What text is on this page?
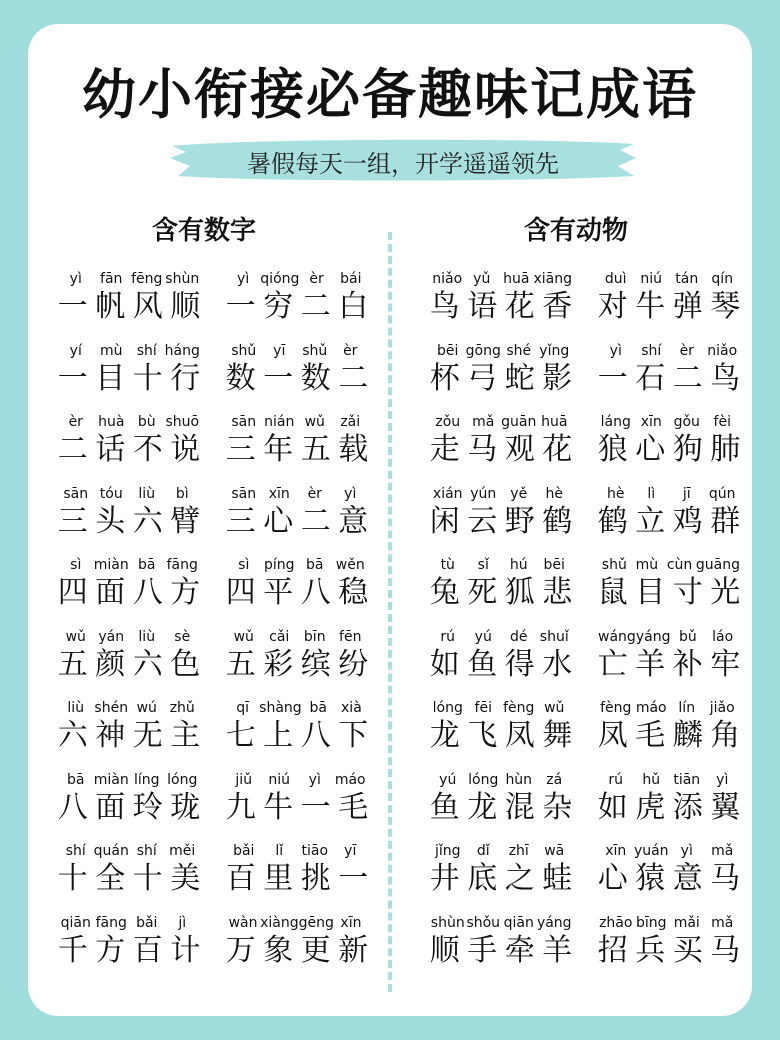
幼小衔接必备趣味记成语
暑假每天一组，开学遥遥领先
含有数字	含有动物
yì	fān fēng shùn
一 帆 风 顺
yì qióng èr	bái
一 穷 二 白
yí	mù	shí háng
一 目 十 行
shǔ	yī	shǔ	èr
数 一 数 二
èr	huà bù shuō
二 话 不 说
sān nián wǔ	zǎi
三 年 五 载
sān tóu	liù	bì
三 头 六 臂
sān xīn	èr	yì
三 心 二 意
sì miàn bā fāng
四 面 八 方
sì	píng bā wěn
四 平 八 稳
wǔ yán	liù	sè
五 颜 六 色
wǔ	cǎi	bīn fēn
五 彩 缤 纷
liù shén wú zhǔ
六 神 无 主
qī shàng bā	xià
七 上 八 下
bā miàn líng lóng
八 面 玲 珑
jiǔ	niú	yì	máo
九 牛 一 毛
shí quán shí měi
十 全 十 美
bǎi	lǐ	tiāo	yī
百 里 挑 一
qiān fāng bǎi	jì
千 方 百 计
wàn xiàng gēng xīn
万 象 更 新
niǎo yǔ huā xiāng
鸟 语 花 香
duì niú tán qín
对 牛 弹 琴
bēi gōng shé yǐng
杯 弓 蛇 影
yì	shí	èr niǎo
一 石 二 鸟
zǒu mǎ guān huā
走 马 观 花
láng xīn gǒu fèi
狼 心 狗 肺
xián yún	yě	hè
闲 云 野 鹤
hè	lì	jī	qún
鹤 立 鸡 群
tù	sǐ	hú	bēi
兔 死 狐 悲
shǔ mù cùn guāng
鼠 目 寸 光
rú	yú	dé shuǐ
如 鱼 得 水
wáng yáng bǔ	láo
亡 羊 补 牢
lóng fēi fèng wǔ
龙 飞 凤 舞
fèng máo lín	jiǎo
凤 毛 麟 角
yú lóng hùn	zá
鱼 龙 混 杂
rú	hǔ tiān	yì
如 虎 添 翼
jǐng	dǐ	zhī	wā
井 底 之 蛙
xīn yuán yì	mǎ
心 猿 意 马
shùn shǒu qiān yáng
顺 手 牵 羊
zhāo bīng mǎi mǎ
招 兵 买 马
